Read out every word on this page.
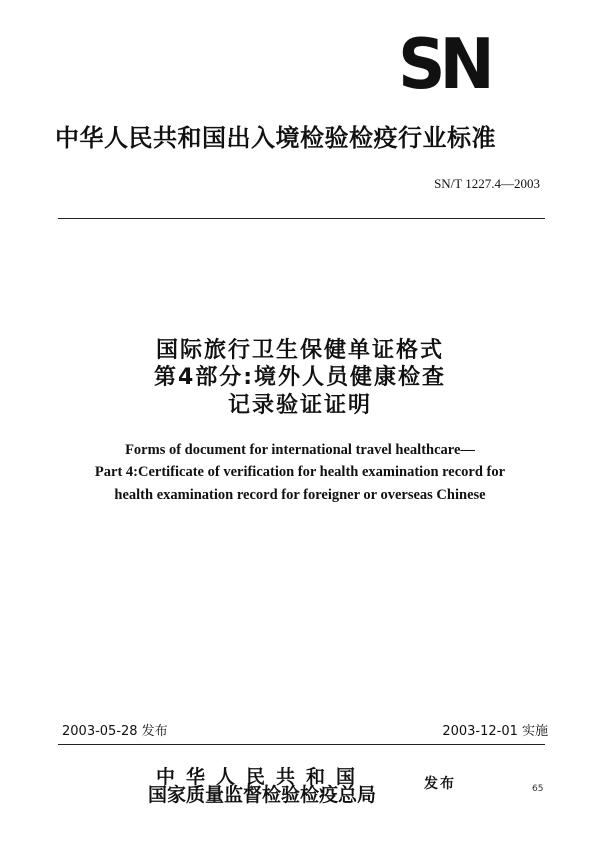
SN
中华人民共和国出入境检验检疫行业标准
SN/T 1227.4—2003
国际旅行卫生保健单证格式
第4部分:境外人员健康检查
记录验证证明
Forms of document for international travel healthcare—
Part 4:Certificate of verification for health examination record for
health examination record for foreigner or overseas Chinese
2003-05-28 发布	2003-12-01 实施
中华人民共和国
国家质量监督检验检疫总局	发布	65
